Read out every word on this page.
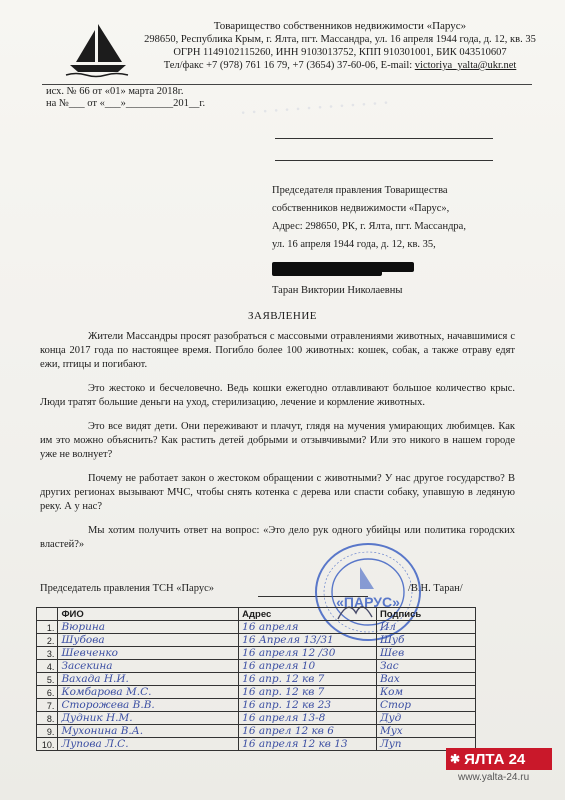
· · · · · · · · · · · · · ·
Товарищество собственников недвижимости «Парус»
298650, Республика Крым, г. Ялта, пгт. Массандра, ул. 16 апреля 1944 года, д. 12, кв. 35
ОГРН 1149102115260, ИНН 9103013752, КПП 910301001, БИК 043510607
Тел/факс +7 (978) 761 16 79, +7 (3654) 37-60-06, E-mail: victoriya_yalta@ukr.net
исх. № 66 от «01» марта 2018г.
на №___ от «___»_________201__г.
Председателя правления Товарищества
собственников недвижимости «Парус»,
Адрес: 298650, РК, г. Ялта, пгт. Массандра,
ул. 16 апреля 1944 года, д. 12, кв. 35,
Таран Виктории Николаевны
ЗАЯВЛЕНИЕ

Жители Массандры просят разобраться с массовыми отравлениями животных, начавшимися с конца 2017 года по настоящее время. Погибло более 100 животных: кошек, собак, а также отраву едят ежи, птицы и погибают.

Это жестоко и бесчеловечно. Ведь кошки ежегодно отлавливают большое количество крыс. Люди тратят большие деньги на уход, стерилизацию, лечение и кормление животных.

Это все видят дети. Они переживают и плачут, глядя на мучения умирающих любимцев. Как им это можно объяснить? Как растить детей добрыми и отзывчивыми? Или это никого в нашем городе уже не волнует?

Почему не работает закон о жестоком обращении с животными? У нас другое государство? В других регионах вызывают МЧС, чтобы снять котенка с дерева или спасти собаку, упавшую в ледяную реку. А у нас?

Мы хотим получить ответ на вопрос: «Это дело рук одного убийцы или политика городских властей?»

Председатель правления ТСН «Парус»	/В.Н. Таран/
«ПАРУС»
	ФИО	Адрес	Подпись
1.	Вюрина	16 апреля	Ил
2.	Шубова	16 Апреля 13/31	Шуб
3.	Шевченко	16 апреля 12 /30	Шев
4.	Засекина	16 апреля 10	Зас
5.	Вахада Н.И.	16 апр. 12 кв 7	Вах
6.	Комбарова М.С.	16 апр. 12 кв 7	Ком
7.	Сторожева В.В.	16 апр. 12 кв 23	Стор
8.	Дудник Н.М.	16 апреля 13-8	Дуд
9.	Мухонина В.А.	16 апрел 12 кв 6	Мух
10.	Лупова Л.С.	16 апреля 12 кв 13	Луп
✱ ЯЛТА 24
www.yalta-24.ru
